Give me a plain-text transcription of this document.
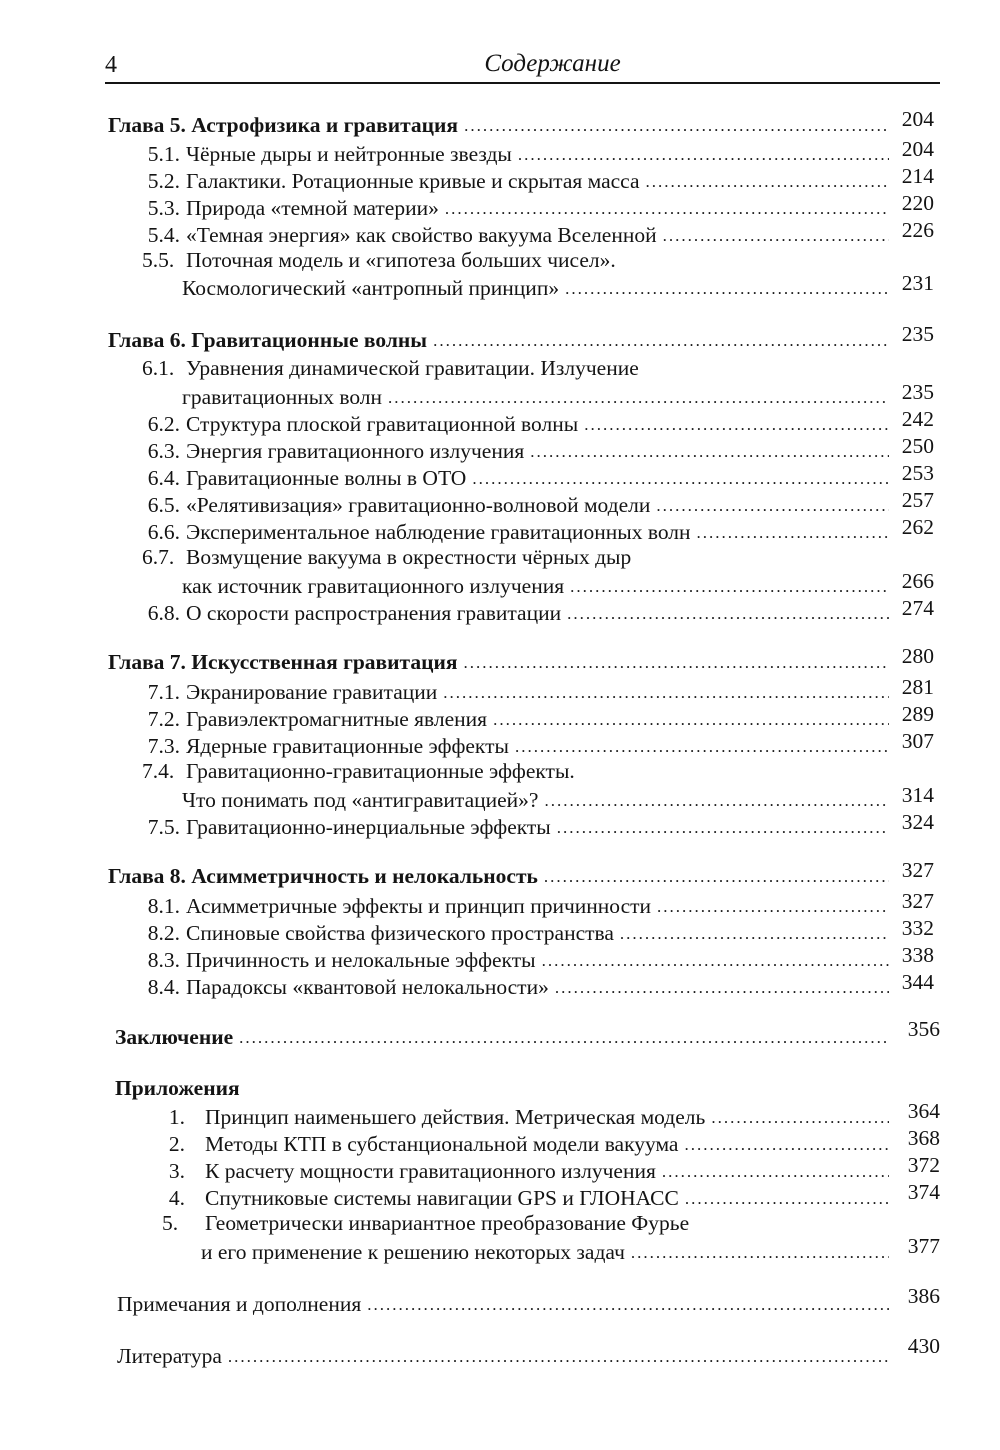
4	Содержание
Глава 5. Астрофизика и гравитация .....	204
5.1. Чёрные дыры и нейтронные звезды .....	204
5.2. Галактики. Ротационные кривые и скрытая масса .....	214
5.3. Природа «темной материи» .....	220
5.4. «Темная энергия» как свойство вакуума Вселенной .....	226
5.5. Поточная модель и «гипотеза больших чисел».
Космологический «антропный принцип» .....	231
Глава 6. Гравитационные волны .....	235
6.1. Уравнения динамической гравитации. Излучение
гравитационных волн .....	235
6.2. Структура плоской гравитационной волны .....	242
6.3. Энергия гравитационного излучения .....	250
6.4. Гравитационные волны в ОТО .....	253
6.5. «Релятивизация» гравитационно-волновой модели .....	257
6.6. Экспериментальное наблюдение гравитационных волн .....	262
6.7. Возмущение вакуума в окрестности чёрных дыр
как источник гравитационного излучения .....	266
6.8. О скорости распространения гравитации .....	274
Глава 7. Искусственная гравитация .....	280
7.1. Экранирование гравитации .....	281
7.2. Гравиэлектромагнитные явления .....	289
7.3. Ядерные гравитационные эффекты .....	307
7.4. Гравитационно-гравитационные эффекты.
Что понимать под «антигравитацией»? .....	314
7.5. Гравитационно-инерциальные эффекты .....	324
Глава 8. Асимметричность и нелокальность .....	327
8.1. Асимметричные эффекты и принцип причинности .....	327
8.2. Спиновые свойства физического пространства .....	332
8.3. Причинность и нелокальные эффекты .....	338
8.4. Парадоксы «квантовой нелокальности» .....	344
Заключение .....	356
Приложения
1. Принцип наименьшего действия. Метрическая модель .....	364
2. Методы КТП в субстанциональной модели вакуума .....	368
3. К расчету мощности гравитационного излучения .....	372
4. Спутниковые системы навигации GPS и ГЛОНАСС .....	374
5. Геометрически инвариантное преобразование Фурье
и его применение к решению некоторых задач .....	377
Примечания и дополнения .....	386
Литература .....	430
